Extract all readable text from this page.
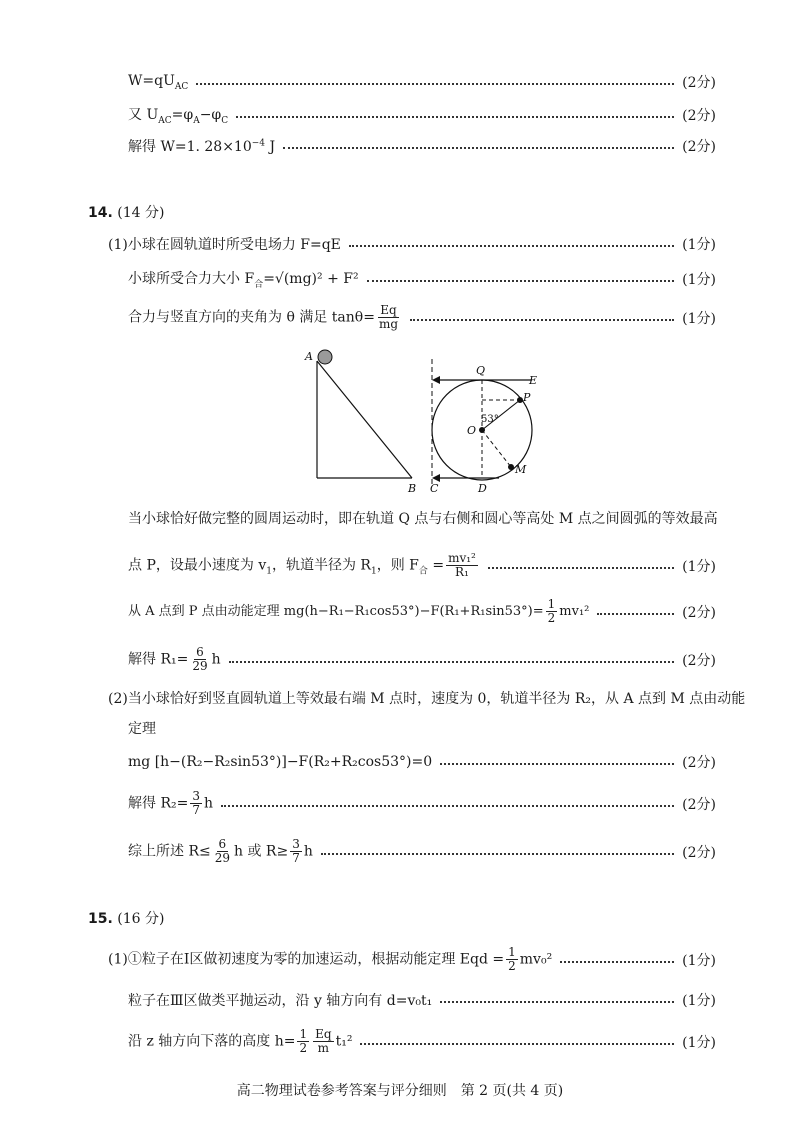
$W=qU_{AC}$	(2分)
又 $U_{AC}=\varphi_A-\varphi_C$	(2分)
解得 W=1. $28\times 10^{-4}$ J	(2分)
14. (14 分)
(1)小球在圆轨道时所受电场力 F=qE	(1分)
小球所受合力大小 $F_合=√(mg)^2 + F^2$	(1分)
合力与竖直方向的夹角为 θ 满足 $\tan\theta= \frac{Eq}{mg}$	(1分)
A
B
53°
O
P
M
Q
E
C	D
当小球恰好做完整的圆周运动时，即在轨道 Q 点与右侧和圆心等高处 M 点之间圆弧的等效最高
点 P，设最小速度为 $v_1$，轨道半径为 $R_1$，则 $F_合 = \frac{\text{mv₁²}}{\text{R₁}}$	(1分)
从 A 点到 P 点由动能定理 $mg(h-R_1-R_1\cos 53^\circ)-F(R_1+R_1\sin 53^\circ)= \frac{1}{2} mv_1^2$	(2分)
解得 $R_1= \frac{6}{29}$ h	(2分)
(2)当小球恰好到竖直圆轨道上等效最右端 M 点时，速度为 0，轨道半径为 R₂，从 A 点到 M 点由动能
定理
mg [h−(R₂−R₂sin53°)]−F(R₂+R₂cos53°)=0	(2分)
解得 $R_2= \frac{3}{7}$ h	(2分)
综上所述 $R\le \frac{6}{29}$ h 或 $R\ge \frac{3}{7}$ h	(2分)
15. (16 分)
(1)①粒子在Ⅰ区做初速度为零的加速运动，根据动能定理 Eqd = $\frac{1}{2} mv_0^2$	(1分)
粒子在Ⅲ区做类平抛运动，沿 y 轴方向有 d=v₀t₁	(1分)
沿 z 轴方向下落的高度 $h= \frac{1}{2} \frac{Eq}{m} t_1^2$	(1分)
高二物理试卷参考答案与评分细则　第 2 页(共 4 页)
